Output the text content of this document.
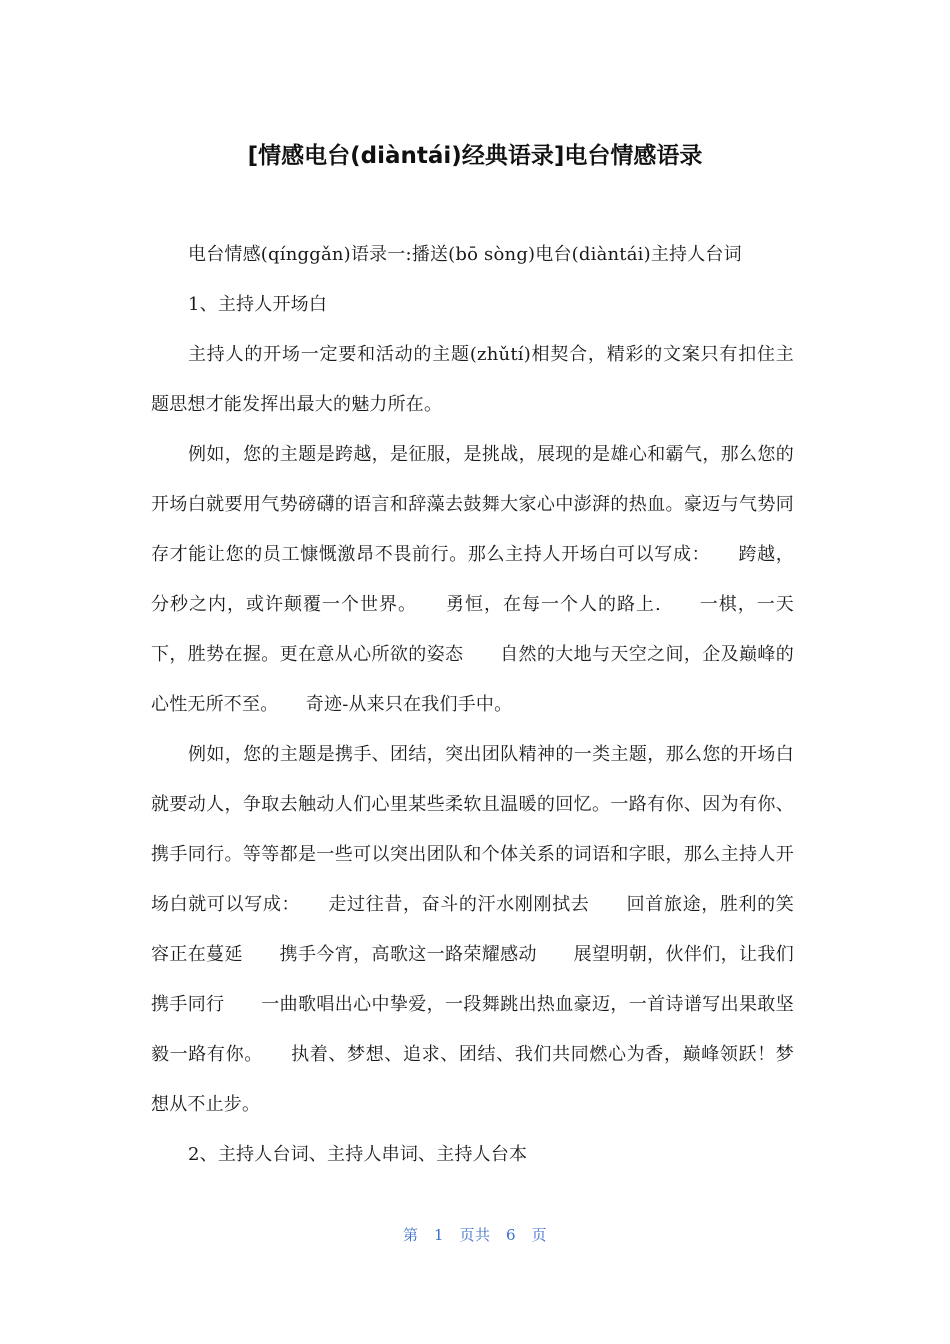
[情感电台(diàntái)经典语录]电台情感语录

电台情感(qínggǎn)语录一:播送(bō sòng)电台(diàntái)主持人台词

1、主持人开场白

主持人的开场一定要和活动的主题(zhǔtí)相契合，精彩的文案只有扣住主题思想才能发挥出最大的魅力所在。

例如，您的主题是跨越，是征服，是挑战，展现的是雄心和霸气，那么您的开场白就要用气势磅礴的语言和辞藻去鼓舞大家心中澎湃的热血。豪迈与气势同存才能让您的员工慷慨激昂不畏前行。那么主持人开场白可以写成：　　跨越，分秒之内，或许颠覆一个世界。　　勇恒，在每一个人的路上.　　一棋，一天下，胜势在握。更在意从心所欲的姿态　　自然的大地与天空之间，企及巅峰的心性无所不至。　　奇迹-从来只在我们手中。

例如，您的主题是携手、团结，突出团队精神的一类主题，那么您的开场白就要动人，争取去触动人们心里某些柔软且温暖的回忆。一路有你、因为有你、携手同行。等等都是一些可以突出团队和个体关系的词语和字眼，那么主持人开场白就可以写成：　　走过往昔，奋斗的汗水刚刚拭去　　回首旅途，胜利的笑容正在蔓延　　携手今宵，高歌这一路荣耀感动　　展望明朝，伙伴们，让我们携手同行　　一曲歌唱出心中挚爱，一段舞跳出热血豪迈，一首诗谱写出果敢坚毅一路有你。　　执着、梦想、追求、团结、我们共同燃心为香，巅峰领跃！梦想从不止步。

2、主持人台词、主持人串词、主持人台本

第　1　页共　6　页
